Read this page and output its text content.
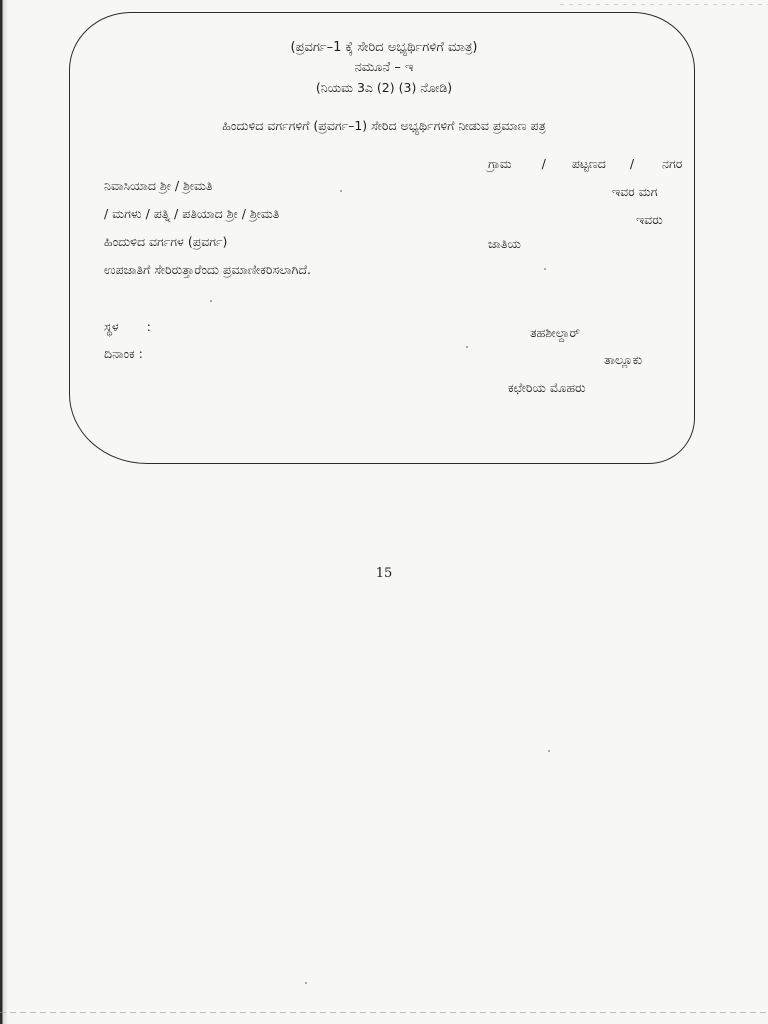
(ಪ್ರವರ್ಗ–1 ಕ್ಕೆ ಸೇರಿದ ಅಭ್ಯರ್ಥಿಗಳಿಗೆ ಮಾತ್ರ)
ನಮೂನೆ – ಇ
(ನಿಯಮ 3ಎ (2) (3) ನೋಡಿ)
ಹಿಂದುಳಿದ ವರ್ಗಗಳಿಗೆ (ಪ್ರವರ್ಗ–1) ಸೇರಿದ ಅಭ್ಯರ್ಥಿಗಳಿಗೆ ನೀಡುವ ಪ್ರಮಾಣ ಪತ್ರ
ಗ್ರಾಮ / ಪಟ್ಟಣದ / ನಗರ
ನಿವಾಸಿಯಾದ ಶ್ರೀ / ಶ್ರೀಮತಿ	ಇವರ ಮಗ
/ ಮಗಳು / ಪತ್ನಿ / ಪತಿಯಾದ ಶ್ರೀ / ಶ್ರೀಮತಿ	ಇವರು
ಹಿಂದುಳಿದ ವರ್ಗಗಳ (ಪ್ರವರ್ಗ)	ಜಾತಿಯ
ಉಪಜಾತಿಗೆ ಸೇರಿರುತ್ತಾರೆಂದು ಪ್ರಮಾಣೀಕರಿಸಲಾಗಿದೆ.
ಸ್ಥಳ :
ದಿನಾಂಕ :
ತಹಶೀಲ್ದಾರ್
ತಾಲ್ಲೂಕು
ಕಛೇರಿಯ ಮೊಹರು
15
